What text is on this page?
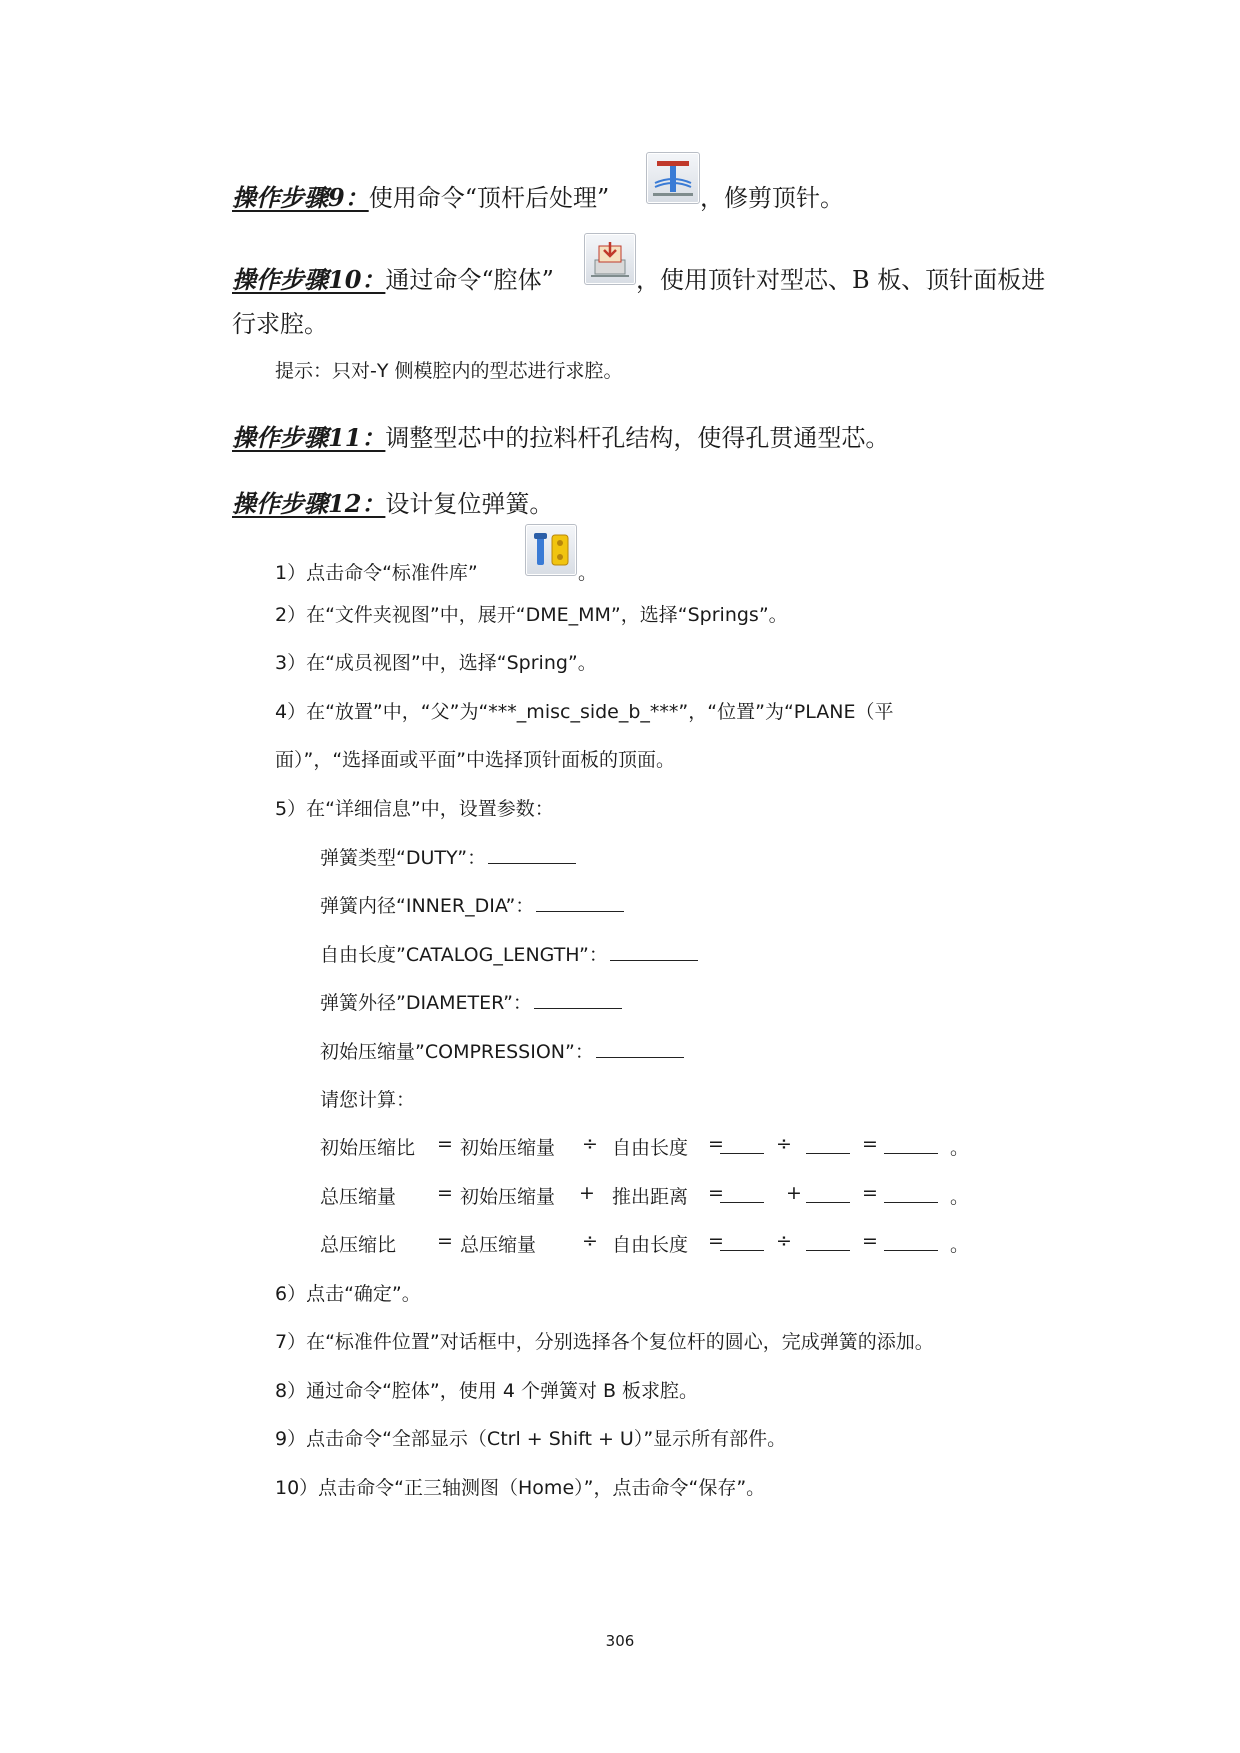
操作步骤9：使用命令“顶杆后处理”	，修剪顶针。
操作步骤10：通过命令“腔体”	，使用顶针对型芯、B 板、顶针面板进
行求腔。
提示：只对-Y 侧模腔内的型芯进行求腔。
操作步骤11：调整型芯中的拉料杆孔结构，使得孔贯通型芯。
操作步骤12：设计复位弹簧。
1）点击命令“标准件库”	。
2）在“文件夹视图”中，展开“DME_MM”，选择“Springs”。
3）在“成员视图”中，选择“Spring”。
4）在“放置”中，“父”为“***_misc_side_b_***”，“位置”为“PLANE（平
面）”，“选择面或平面”中选择顶针面板的顶面。
5）在“详细信息”中，设置参数：
弹簧类型“DUTY”：
弹簧内径“INNER_DIA”：
自由长度”CATALOG_LENGTH”：
弹簧外径”DIAMETER”：
初始压缩量”COMPRESSION”：
请您计算：
初始压缩比 = 初始压缩量 ÷ 自由长度 =	÷	=	。
总压缩量 = 初始压缩量 + 推出距离 =	+	=	。
总压缩比 = 总压缩量 ÷ 自由长度 =	÷	=	。
6）点击“确定”。
7）在“标准件位置”对话框中，分别选择各个复位杆的圆心，完成弹簧的添加。
8）通过命令“腔体”，使用 4 个弹簧对 B 板求腔。
9）点击命令“全部显示（Ctrl + Shift + U）”显示所有部件。
10）点击命令“正三轴测图（Home）”，点击命令“保存”。
306
